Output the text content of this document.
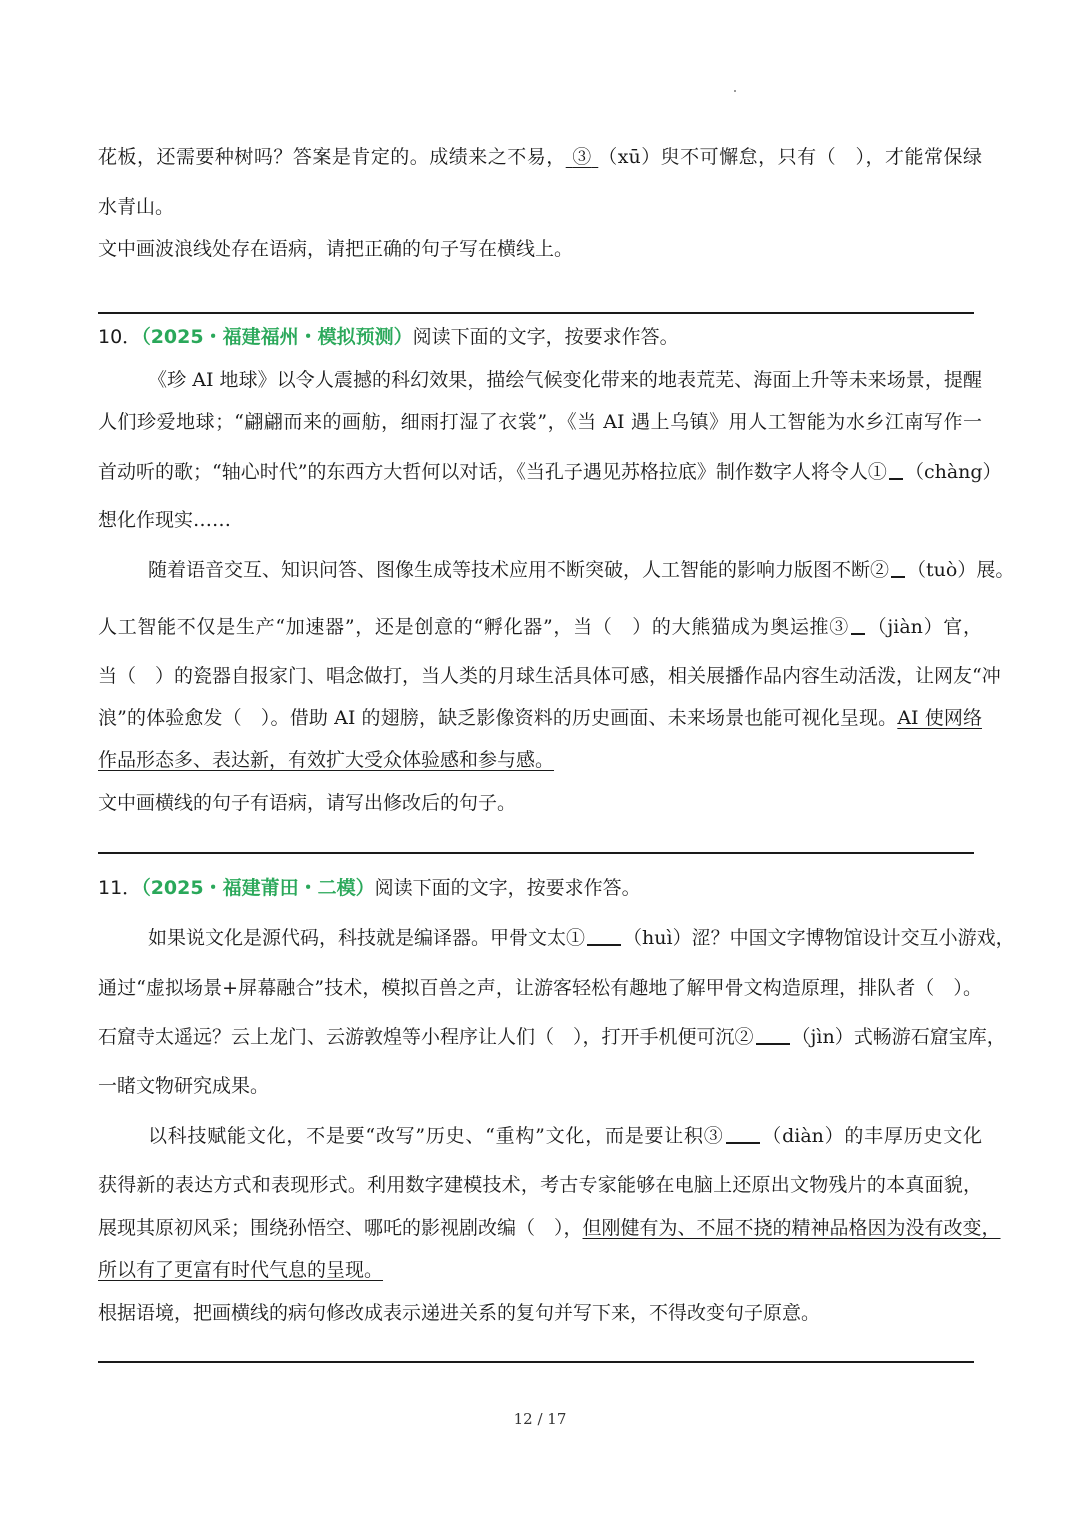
花板，还需要种树吗？答案是肯定的。成绩来之不易， ③ （xū）臾不可懈怠，只有（　），才能常保绿
水青山。
文中画波浪线处存在语病，请把正确的句子写在横线上。
10．（2025・福建福州・模拟预测）阅读下面的文字，按要求作答。
《珍 AI 地球》以令人震撼的科幻效果，描绘气候变化带来的地表荒芜、海面上升等未来场景，提醒
人们珍爱地球；“翩翩而来的画舫，细雨打湿了衣裳”，《当 AI 遇上乌镇》用人工智能为水乡江南写作一
首动听的歌；“轴心时代”的东西方大哲何以对话，《当孔子遇见苏格拉底》制作数字人将令人① （chàng）
想化作现实……
随着语音交互、知识问答、图像生成等技术应用不断突破，人工智能的影响力版图不断② （tuò）展。
人工智能不仅是生产“加速器”，还是创意的“孵化器”，当（　）的大熊猫成为奥运推③ （jiàn）官，
当（　）的瓷器自报家门、唱念做打，当人类的月球生活具体可感，相关展播作品内容生动活泼，让网友“冲
浪”的体验愈发（　）。借助 AI 的翅膀，缺乏影像资料的历史画面、未来场景也能可视化呈现。AI 使网络
作品形态多、表达新，有效扩大受众体验感和参与感。
文中画横线的句子有语病，请写出修改后的句子。
11．（2025・福建莆田・二模）阅读下面的文字，按要求作答。
如果说文化是源代码，科技就是编译器。甲骨文太① （huì）涩？中国文字博物馆设计交互小游戏，
通过“虚拟场景+屏幕融合”技术，模拟百兽之声，让游客轻松有趣地了解甲骨文构造原理，排队者（　）。
石窟寺太遥远？云上龙门、云游敦煌等小程序让人们（　），打开手机便可沉② （jìn）式畅游石窟宝库，
一睹文物研究成果。
以科技赋能文化，不是要“改写”历史、“重构”文化，而是要让积③ （diàn）的丰厚历史文化
获得新的表达方式和表现形式。利用数字建模技术，考古专家能够在电脑上还原出文物残片的本真面貌，
展现其原初风采；围绕孙悟空、哪吒的影视剧改编（　），但刚健有为、不屈不挠的精神品格因为没有改变，
所以有了更富有时代气息的呈现。
根据语境，把画横线的病句修改成表示递进关系的复句并写下来，不得改变句子原意。
12 / 17
